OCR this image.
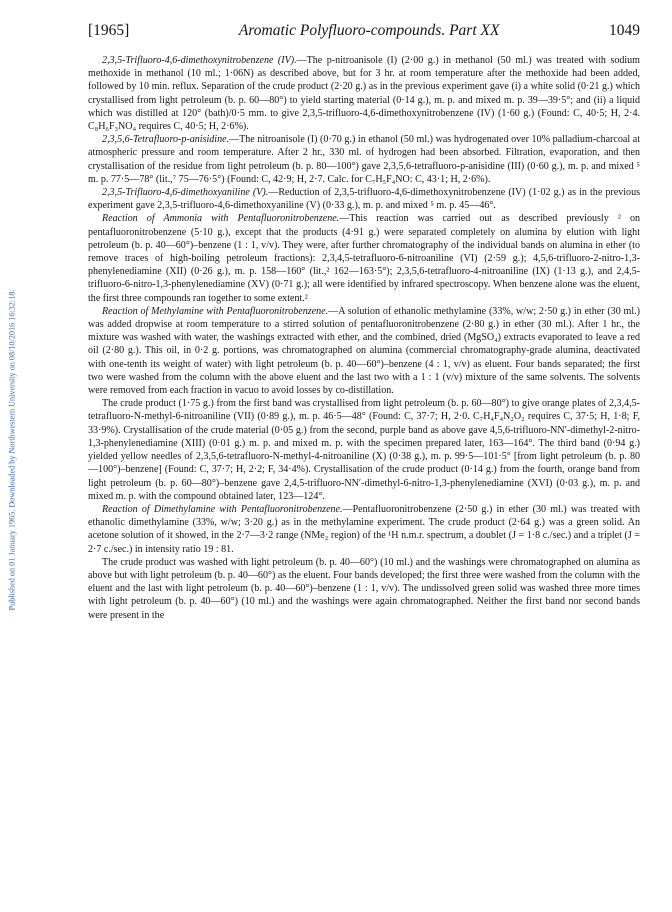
Published on 01 January 1965. Downloaded by Northwestern University on 08/10/2016 16:32:18.
[1965]	Aromatic Polyfluoro-compounds. Part XX	1049

2,3,5-Trifluoro-4,6-dimethoxynitrobenzene (IV).—The p-nitroanisole (I) (2·00 g.) in methanol (50 ml.) was treated with sodium methoxide in methanol (10 ml.; 1·06N) as described above, but for 3 hr. at room temperature after the methoxide had been added, followed by 10 min. reflux. Separation of the crude product (2·20 g.) as in the previous experiment gave (i) a white solid (0·21 g.) which crystallised from light petroleum (b. p. 60—80°) to yield starting material (0·14 g.), m. p. and mixed m. p. 39—39·5°; and (ii) a liquid which was distilled at 120° (bath)/0·5 mm. to give 2,3,5-trifluoro-4,6-dimethoxynitrobenzene (IV) (1·60 g.) (Found: C, 40·5; H, 2·4. C₈H₆F₃NO₄ requires C, 40·5; H, 2·6%).

2,3,5,6-Tetrafluoro-p-anisidine.—The nitroanisole (I) (0·70 g.) in ethanol (50 ml.) was hydrogenated over 10% palladium-charcoal at atmospheric pressure and room temperature. After 2 hr., 330 ml. of hydrogen had been absorbed. Filtration, evaporation, and then crystallisation of the residue from light petroleum (b. p. 80—100°) gave 2,3,5,6-tetrafluoro-p-anisidine (III) (0·60 g.), m. p. and mixed ⁵ m. p. 77·5—78° (lit.,⁷ 75—76·5°) (Found: C, 42·9; H, 2·7. Calc. for C₇H₅F₄NO: C, 43·1; H, 2·6%).

2,3,5-Trifluoro-4,6-dimethoxyaniline (V).—Reduction of 2,3,5-trifluoro-4,6-dimethoxynitrobenzene (IV) (1·02 g.) as in the previous experiment gave 2,3,5-trifluoro-4,6-dimethoxyaniline (V) (0·33 g.), m. p. and mixed ⁵ m. p. 45—46°.

Reaction of Ammonia with Pentafluoronitrobenzene.—This reaction was carried out as described previously ² on pentafluoronitrobenzene (5·10 g.), except that the products (4·91 g.) were separated completely on alumina by elution with light petroleum (b. p. 40—60°)–benzene (1 : 1, v/v). They were, after further chromatography of the individual bands on alumina in ether (to remove traces of high-boiling petroleum fractions): 2,3,4,5-tetrafluoro-6-nitroaniline (VI) (2·59 g.); 4,5,6-trifluoro-2-nitro-1,3-phenylenediamine (XII) (0·26 g.), m. p. 158—160° (lit.,² 162—163·5°); 2,3,5,6-tetrafluoro-4-nitroaniline (IX) (1·13 g.), and 2,4,5-trifluoro-6-nitro-1,3-phenylenediamine (XV) (0·71 g.); all were identified by infrared spectroscopy. When benzene alone was the eluent, the first three compounds ran together to some extent.²

Reaction of Methylamine with Pentafluoronitrobenzene.—A solution of ethanolic methylamine (33%, w/w; 2·50 g.) in ether (30 ml.) was added dropwise at room temperature to a stirred solution of pentafluoronitrobenzene (2·80 g.) in ether (30 ml.). After 1 hr., the mixture was washed with water, the washings extracted with ether, and the combined, dried (MgSO₄) extracts evaporated to leave a red oil (2·80 g.). This oil, in 0·2 g. portions, was chromatographed on alumina (commercial chromatography-grade alumina, deactivated with one-tenth its weight of water) with light petroleum (b. p. 40—60°)–benzene (4 : 1, v/v) as eluent. Four bands separated; the first two were washed from the column with the above eluent and the last two with a 1 : 1 (v/v) mixture of the same solvents. The solvents were removed from each fraction in vacuo to avoid losses by co-distillation.

The crude product (1·75 g.) from the first band was crystallised from light petroleum (b. p. 60—80°) to give orange plates of 2,3,4,5-tetrafluoro-N-methyl-6-nitroaniline (VII) (0·89 g.), m. p. 46·5—48° (Found: C, 37·7; H, 2·0. C₇H₄F₄N₂O₂ requires C, 37·5; H, 1·8; F, 33·9%). Crystallisation of the crude material (0·05 g.) from the second, purple band as above gave 4,5,6-trifluoro-NN′-dimethyl-2-nitro-1,3-phenylenediamine (XIII) (0·01 g.) m. p. and mixed m. p. with the specimen prepared later, 163—164°. The third band (0·94 g.) yielded yellow needles of 2,3,5,6-tetrafluoro-N-methyl-4-nitroaniline (X) (0·38 g.), m. p. 99·5—101·5° [from light petroleum (b. p. 80—100°)–benzene] (Found: C, 37·7; H, 2·2; F, 34·4%). Crystallisation of the crude product (0·14 g.) from the fourth, orange band from light petroleum (b. p. 60—80°)–benzene gave 2,4,5-trifluoro-NN′-dimethyl-6-nitro-1,3-phenylenediamine (XVI) (0·03 g.), m. p. and mixed m. p. with the compound obtained later, 123—124°.

Reaction of Dimethylamine with Pentafluoronitrobenzene.—Pentafluoronitrobenzene (2·50 g.) in ether (30 ml.) was treated with ethanolic dimethylamine (33%, w/w; 3·20 g.) as in the methylamine experiment. The crude product (2·64 g.) was a green solid. An acetone solution of it showed, in the 2·7—3·2 range (NMe₂ region) of the ¹H n.m.r. spectrum, a doublet (J = 1·8 c./sec.) and a triplet (J = 2·7 c./sec.) in intensity ratio 19 : 81.

The crude product was washed with light petroleum (b. p. 40—60°) (10 ml.) and the washings were chromatographed on alumina as above but with light petroleum (b. p. 40—60°) as the eluent. Four bands developed; the first three were washed from the column with the eluent and the last with light petroleum (b. p. 40—60°)–benzene (1 : 1, v/v). The undissolved green solid was washed three more times with light petroleum (b. p. 40—60°) (10 ml.) and the washings were again chromatographed. Neither the first band nor second bands were present in the
